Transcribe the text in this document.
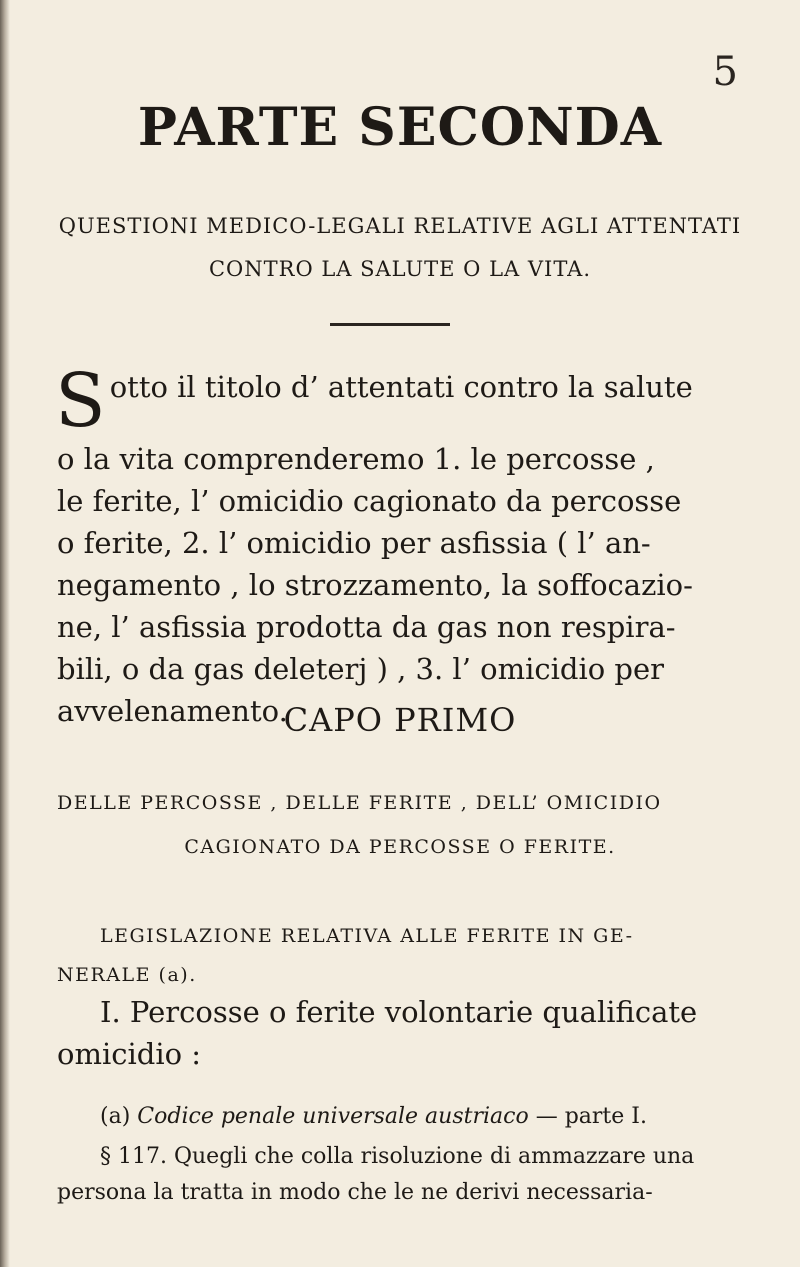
5
PARTE SECONDA
QUESTIONI MEDICO-LEGALI RELATIVE AGLI ATTENTATI
CONTRO LA SALUTE O LA VITA.
S otto il titolo d’ attentati contro la salute
o la vita comprenderemo 1. le percosse ,
le ferite, l’ omicidio cagionato da percosse
o ferite, 2. l’ omicidio per asfissia ( l’ an-
negamento , lo strozzamento, la soffocazio-
ne, l’ asfissia prodotta da gas non respira-
bili, o da gas deleterj ) , 3. l’ omicidio per
avvelenamento.
CAPO PRIMO
DELLE PERCOSSE , DELLE FERITE , DELL’ OMICIDIO
CAGIONATO DA PERCOSSE O FERITE.
LEGISLAZIONE RELATIVA ALLE FERITE IN GE-
NERALE (a).
I. Percosse o ferite volontarie qualificate
omicidio :
(a) Codice penale universale austriaco — parte I.
§ 117. Quegli che colla risoluzione di ammazzare una
persona la tratta in modo che le ne derivi necessaria-
